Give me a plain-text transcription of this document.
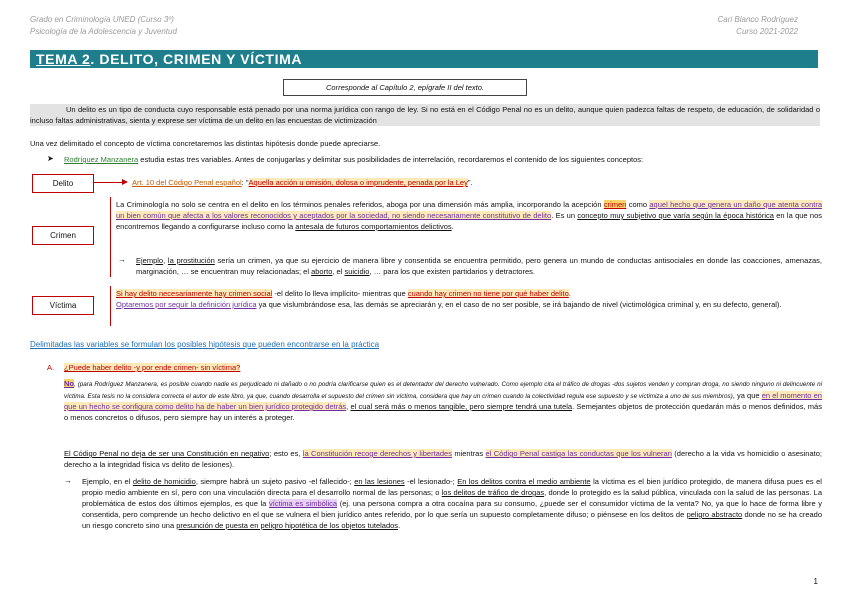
Grado en Criminología UNED (Curso 3º)
Psicología de la Adolescencia y Juventud
Cari Blanco Rodríguez
Curso 2021-2022
TEMA 2. DELITO, CRIMEN Y VÍCTIMA
Corresponde al Capítulo 2, epígrafe II del texto.
Un delito es un tipo de conducta cuyo responsable está penado por una norma jurídica con rango de ley. Si no está en el Código Penal no es un delito, aunque quien padezca faltas de respeto, de educación, de solidaridad o incluso faltas administrativas, sienta y exprese ser víctima de un delito en las encuestas de victimización
Una vez delimitado el concepto de víctima concretaremos las distintas hipótesis donde puede apreciarse.
➤ Rodríguez Manzanera estudia estas tres variables. Antes de conjugarlas y delimitar sus posibilidades de interrelación, recordaremos el contenido de los siguientes conceptos:
Delito	Art. 10 del Código Penal español: "Aquella acción u omisión, dolosa o imprudente, penada por la Ley".
Crimen
La Criminología no solo se centra en el delito en los términos penales referidos, aboga por una dimensión más amplia, incorporando la acepción crimen como aquel hecho que genera un daño que atenta contra un bien común que afecta a los valores reconocidos y aceptados por la sociedad, no siendo necesariamente constitutivo de delito. Es un concepto muy subjetivo que varía según la época histórica en la que nos encontremos llegando a configurarse incluso como la antesala de futuros comportamientos delictivos.
→ Ejemplo, la prostitución sería un crimen, ya que su ejercicio de manera libre y consentida se encuentra permitido, pero genera un mundo de conductas antisociales en donde las coacciones, amenazas, marginación, … se encuentran muy relacionadas; el aborto, el suicidio, … para los que existen partidarios y detractores.
Víctima
Si hay delito necesariamente hay crimen social -el delito lo lleva implícito- mientras que cuando hay crimen no tiene por qué haber delito.
Optaremos por seguir la definición jurídica ya que vislumbrándose esa, las demás se apreciarán y, en el caso de no ser posible, se irá bajando de nivel (victimológica criminal y, en su defecto, general).
Delimitadas las variables se formulan los posibles hipótesis que pueden encontrarse en la práctica
A. ¿Puede haber delito -y por ende crimen- sin víctima?
No, (para Rodríguez Manzanera, es posible cuando nadie es perjudicado ni dañado o no podría clarificarse quien es el detentador del derecho vulnerado. Como ejemplo cita el tráfico de drogas -dos sujetos venden y compran droga, no siendo ninguno ni delincuente ni víctima. Esta tesis no la considera correcta el autor de este libro, ya que, cuando desarrolla el supuesto del crimen sin víctima, considera que hay un crimen cuando la colectividad regula ese supuesto y se victimiza a uno de sus miembros), ya que en el momento en que un hecho se configura como delito ha de haber un bien jurídico protegido detrás, el cual será más o menos tangible, pero siempre tendrá una tutela. Semejantes objetos de protección quedarán más o menos definidos, más o menos concretos o difusos, pero siempre hay un interés a proteger.
El Código Penal no deja de ser una Constitución en negativo; esto es, la Constitución recoge derechos y libertades mientras el Código Penal castiga las conductas que los vulneran (derecho a la vida vs homicidio o asesinato; derecho a la integridad física vs delito de lesiones).
→ Ejemplo, en el delito de homicidio, siempre habrá un sujeto pasivo -el fallecido-; en las lesiones -el lesionado-; En los delitos contra el medio ambiente la víctima es el bien jurídico protegido, de manera difusa pues es el propio medio ambiente en sí, pero con una vinculación directa para el desarrollo normal de las personas; o los delitos de tráfico de drogas, donde lo protegido es la salud pública, vinculada con la salud de las personas. La problemática de estos dos últimos ejemplos, es que la víctima es simbólica (ej. una persona compra a otra cocaína para su consumo, ¿puede ser el consumidor víctima de la venta? No, ya que lo hace de forma libre y consentida, pero comprende un hecho delictivo en el que se vulnera el bien jurídico antes referido, por lo que sería un supuesto completamente difuso; o piénsese en los delitos de peligro abstracto donde no se ha creado un riesgo concreto sino una presunción de puesta en peligro hipotética de los objetos tutelados.
1
